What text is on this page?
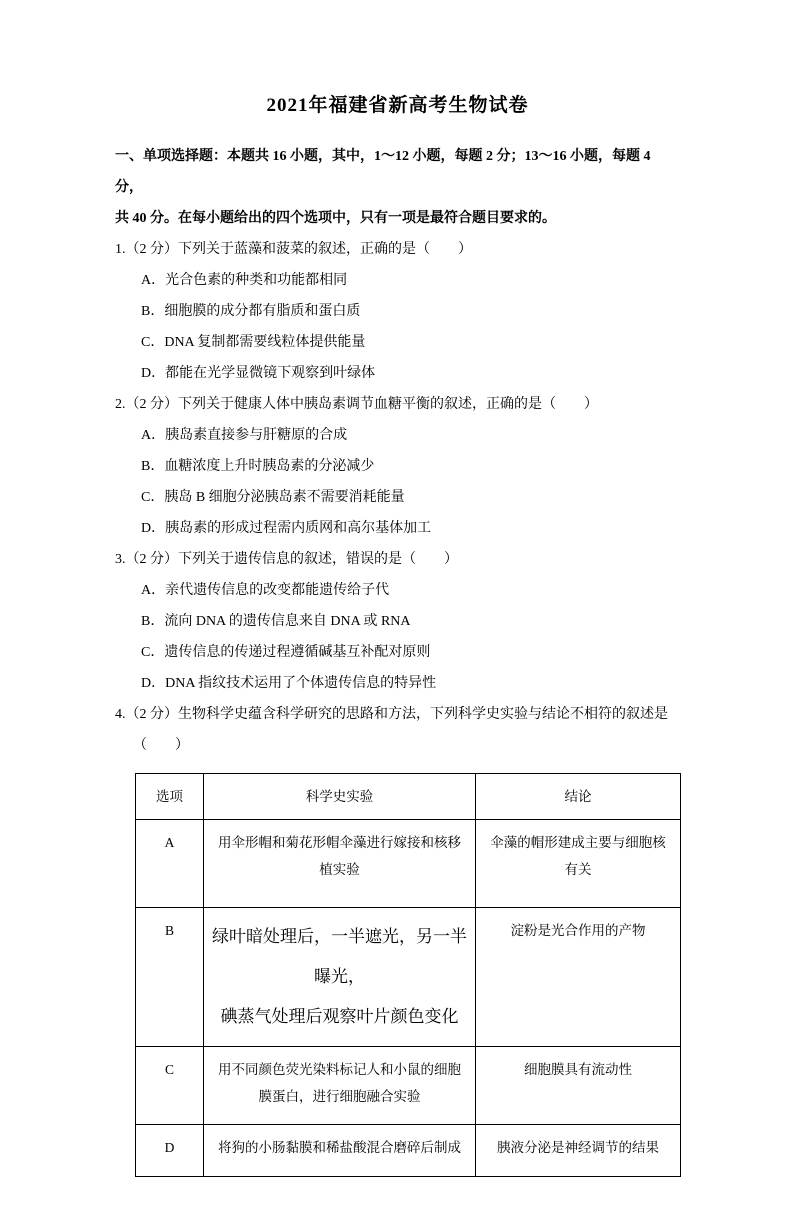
2021年福建省新高考生物试卷
一、单项选择题：本题共 16 小题，其中，1～12 小题，每题 2 分；13～16 小题，每题 4 分，
共 40 分。在每小题给出的四个选项中，只有一项是最符合题目要求的。
1.（2 分）下列关于蓝藻和菠菜的叙述，正确的是（　　）
A．光合色素的种类和功能都相同
B．细胞膜的成分都有脂质和蛋白质
C．DNA 复制都需要线粒体提供能量
D．都能在光学显微镜下观察到叶绿体
2.（2 分）下列关于健康人体中胰岛素调节血糖平衡的叙述，正确的是（　　）
A．胰岛素直接参与肝糖原的合成
B．血糖浓度上升时胰岛素的分泌减少
C．胰岛 B 细胞分泌胰岛素不需要消耗能量
D．胰岛素的形成过程需内质网和高尔基体加工
3.（2 分）下列关于遗传信息的叙述，错误的是（　　）
A．亲代遗传信息的改变都能遗传给子代
B．流向 DNA 的遗传信息来自 DNA 或 RNA
C．遗传信息的传递过程遵循碱基互补配对原则
D．DNA 指纹技术运用了个体遗传信息的特异性
4.（2 分）生物科学史蕴含科学研究的思路和方法，下列科学史实验与结论不相符的叙述是
（　　）
选项	科学史实验	结论
A	用伞形帽和菊花形帽伞藻进行嫁接和核移植实验	伞藻的帽形建成主要与细胞核有关
B	绿叶暗处理后，一半遮光，另一半曝光，
碘蒸气处理后观察叶片颜色变化	淀粉是光合作用的产物
C	用不同颜色荧光染料标记人和小鼠的细胞膜蛋白，进行细胞融合实验	细胞膜具有流动性
D	将狗的小肠黏膜和稀盐酸混合磨碎后制成	胰液分泌是神经调节的结果
